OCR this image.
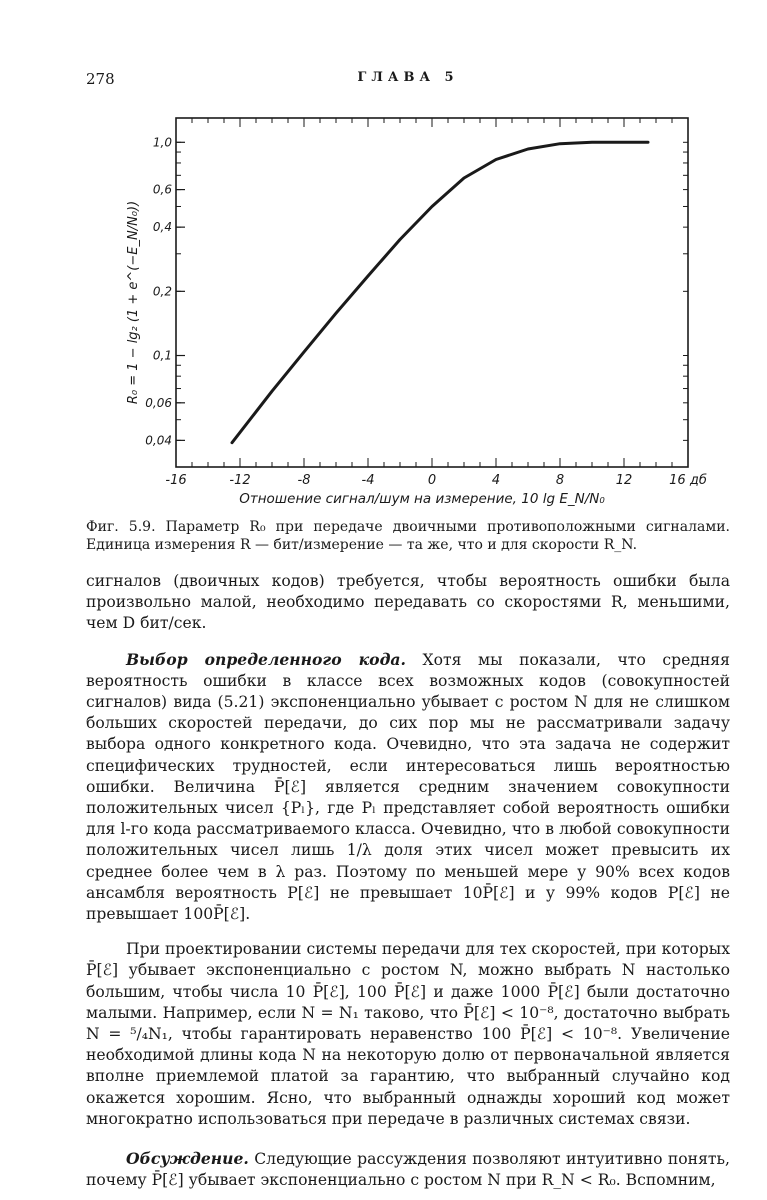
278	ГЛАВА 5
-16	-12	-8	-4	0	4	8	12	16 дб
1,0
0,6
0,4
0,2
0,1
0,06
0,04
R₀ = 1 − lg₂ (1 + e^(−E_N/N₀))
Отношение сигнал/шум на измерение, 10 lg E_N/N₀
Фиг. 5.9. Параметр R₀ при передаче двоичными противоположными сигналами. Единица измерения R — бит/измерение — та же, что и для скорости R_N.

сигналов (двоичных кодов) требуется, чтобы вероятность ошибки была произвольно малой, необходимо передавать со скоростями R, меньшими, чем D бит/сек.

Выбор определенного кода. Хотя мы показали, что средняя вероятность ошибки в классе всех возможных кодов (совокупностей сигналов) вида (5.21) экспоненциально убывает с ростом N для не слишком больших скоростей передачи, до сих пор мы не рассматривали задачу выбора одного конкретного кода. Очевидно, что эта задача не содержит специфических трудностей, если интересоваться лишь вероятностью ошибки. Величина P̄[ℰ] является средним значением совокупности положительных чисел {Pₗ}, где Pₗ представляет собой вероятность ошибки для l-го кода рассматриваемого класса. Очевидно, что в любой совокупности положительных чисел лишь 1/λ доля этих чисел может превысить их среднее более чем в λ раз. Поэтому по меньшей мере у 90% всех кодов ансамбля вероятность P[ℰ] не превышает 10P̄[ℰ] и у 99% кодов P[ℰ] не превышает 100P̄[ℰ].

При проектировании системы передачи для тех скоростей, при которых P̄[ℰ] убывает экспоненциально с ростом N, можно выбрать N настолько большим, чтобы числа 10 P̄[ℰ], 100 P̄[ℰ] и даже 1000 P̄[ℰ] были достаточно малыми. Например, если N = N₁ таково, что P̄[ℰ] < 10⁻⁸, достаточно выбрать N = ⁵/₄N₁, чтобы гарантировать неравенство 100 P̄[ℰ] < 10⁻⁸. Увеличение необходимой длины кода N на некоторую долю от первоначальной является вполне приемлемой платой за гарантию, что выбранный случайно код окажется хорошим. Ясно, что выбранный однажды хороший код может многократно использоваться при передаче в различных системах связи.

Обсуждение. Следующие рассуждения позволяют интуитивно понять, почему P̄[ℰ] убывает экспоненциально с ростом N при R_N < R₀. Вспомним,
